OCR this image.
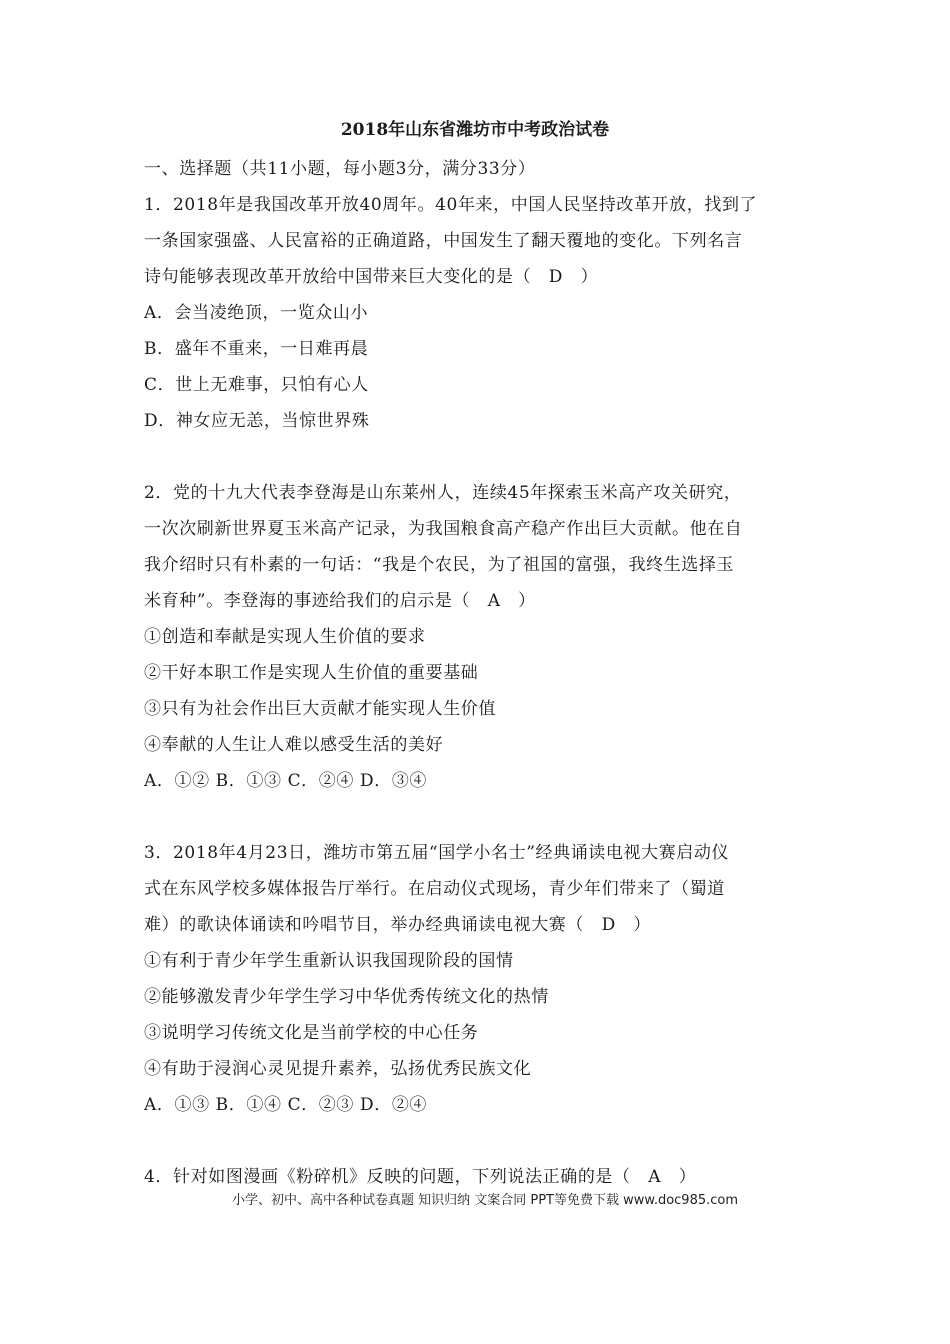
2018年山东省潍坊市中考政治试卷
一、选择题（共11小题，每小题3分，满分33分）
1．2018年是我国改革开放40周年。40年来，中国人民坚持改革开放，找到了
一条国家强盛、人民富裕的正确道路，中国发生了翻天覆地的变化。下列名言
诗句能够表现改革开放给中国带来巨大变化的是（　D　）
A．会当凌绝顶，一览众山小
B．盛年不重来，一日难再晨
C．世上无难事，只怕有心人
D．神女应无恙，当惊世界殊
2．党的十九大代表李登海是山东莱州人，连续45年探索玉米高产攻关研究，
一次次刷新世界夏玉米高产记录，为我国粮食高产稳产作出巨大贡献。他在自
我介绍时只有朴素的一句话：“我是个农民，为了祖国的富强，我终生选择玉
米育种”。李登海的事迹给我们的启示是（　A　）
①创造和奉献是实现人生价值的要求
②干好本职工作是实现人生价值的重要基础
③只有为社会作出巨大贡献才能实现人生价值
④奉献的人生让人难以感受生活的美好
A．①② B．①③ C．②④ D．③④
3．2018年4月23日，潍坊市第五届“国学小名士”经典诵读电视大赛启动仪
式在东风学校多媒体报告厅举行。在启动仪式现场，青少年们带来了（蜀道
难）的歌诀体诵读和吟唱节目，举办经典诵读电视大赛（　D　）
①有利于青少年学生重新认识我国现阶段的国情
②能够激发青少年学生学习中华优秀传统文化的热情
③说明学习传统文化是当前学校的中心任务
④有助于浸润心灵见提升素养，弘扬优秀民族文化
A．①③ B．①④ C．②③ D．②④
4．针对如图漫画《粉碎机》反映的问题，下列说法正确的是（　A　）
小学、初中、高中各种试卷真题 知识归纳 文案合同 PPT等免费下载 www.doc985.com
